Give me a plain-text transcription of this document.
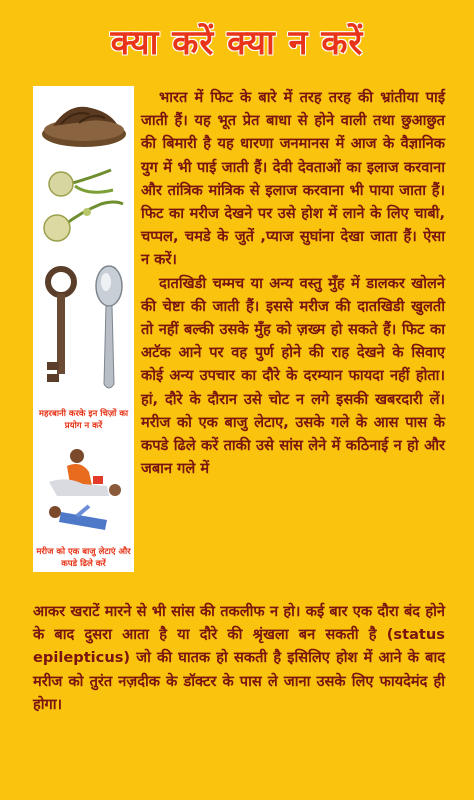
क्या करें क्या न करें
महरबानी करके इन चिज़ों का प्रयोग न करें
मरीज को एक बाजु लेटाएं और कपडे ढिले करें

भारत में फिट के बारे में तरह तरह की भ्रांतीया पाई जाती हैं। यह भूत प्रेत बाधा से होने वाली तथा छुआछुत की बिमारी है यह धारणा जनमानस में आज के वैज्ञानिक युग में भी पाई जाती हैं। देवी देवताओं का इलाज करवाना और तांत्रिक मांत्रिक से इलाज करवाना भी पाया जाता हैं। फिट का मरीज देखने पर उसे होश में लाने के लिए चाबी, चप्पल, चमडे के जुतें ,प्याज सुघांना देखा जाता हैं। ऐसा न करें।

दातखिडी चम्मच या अन्य वस्तु मुँह में डालकर खोलने की चेष्टा की जाती हैं। इससे मरीज की दातखिडी खुलती तो नहीं बल्की उसके मुँह को ज़ख्म हो सकते हैं। फिट का अटॅक आने पर वह पुर्ण होने की राह देखने के सिवाए कोई अन्य उपचार का दौरे के दरम्यान फायदा नहीं होता। हां, दौरे के दौरान उसे चोट न लगे इसकी खबरदारी लें। मरीज को एक बाजु लेटाए, उसके गले के आस पास के कपडे ढिले करें ताकी उसे सांस लेने में कठिनाई न हो और जबान गले में

आकर खराटें मारने से भी सांस की तकलीफ न हो। कई बार एक दौरा बंद होने के बाद दुसरा आता है या दौरे की श्रृंखला बन सकती है (status epilepticus) जो की घातक हो सकती है इसिलिए होश में आने के बाद मरीज को तुरंत नज़दीक के डॉक्टर के पास ले जाना उसके लिए फायदेमंद ही होगा।
